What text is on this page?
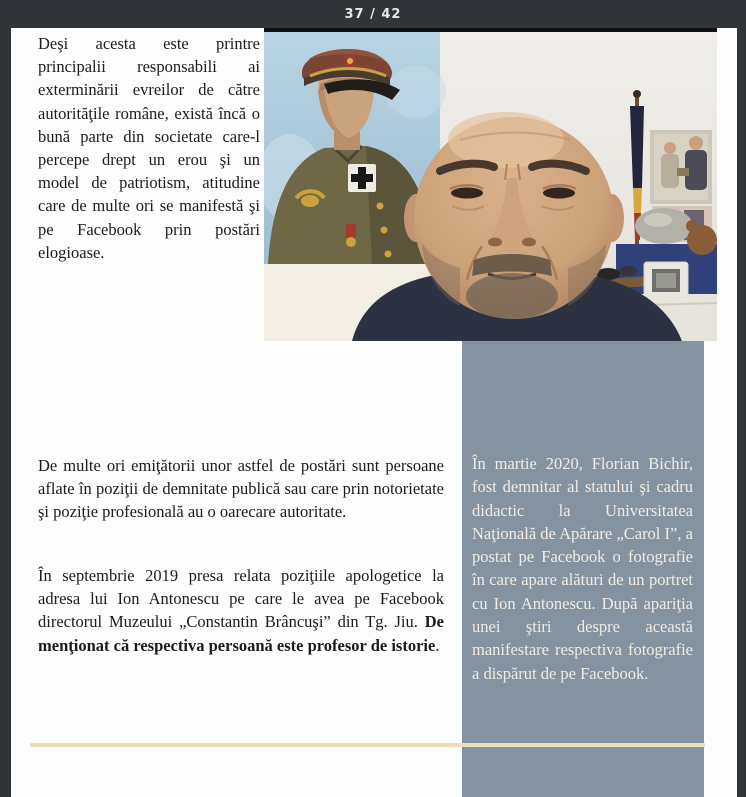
37 / 42
Deşi acesta este printre principalii responsabili ai exterminării evreilor de către autorităţile române, există încă o bună parte din societate care-l percepe drept un erou şi un model de patriotism, atitudine care de multe ori se manifestă şi pe Facebook prin postări elogioase.
De multe ori emiţătorii unor astfel de postări sunt persoane aflate în poziţii de demnitate publică sau care prin notorietate şi poziţie profesională au o oarecare autoritate.
În septembrie 2019 presa relata poziţiile apologetice la adresa lui Ion Antonescu pe care le avea pe Facebook directorul Muzeului „Constantin Brâncuşi” din Tg. Jiu. De menţionat că respectiva persoană este profesor de istorie.
În martie 2020, Florian Bichir, fost demnitar al statului şi cadru didactic la Universitatea Naţională de Apărare „Carol I”, a postat pe Facebook o fotografie în care apare alături de un portret cu Ion Antonescu. După apariţia unei ştiri despre această manifestare respectiva fotografie a dispărut de pe Facebook.
